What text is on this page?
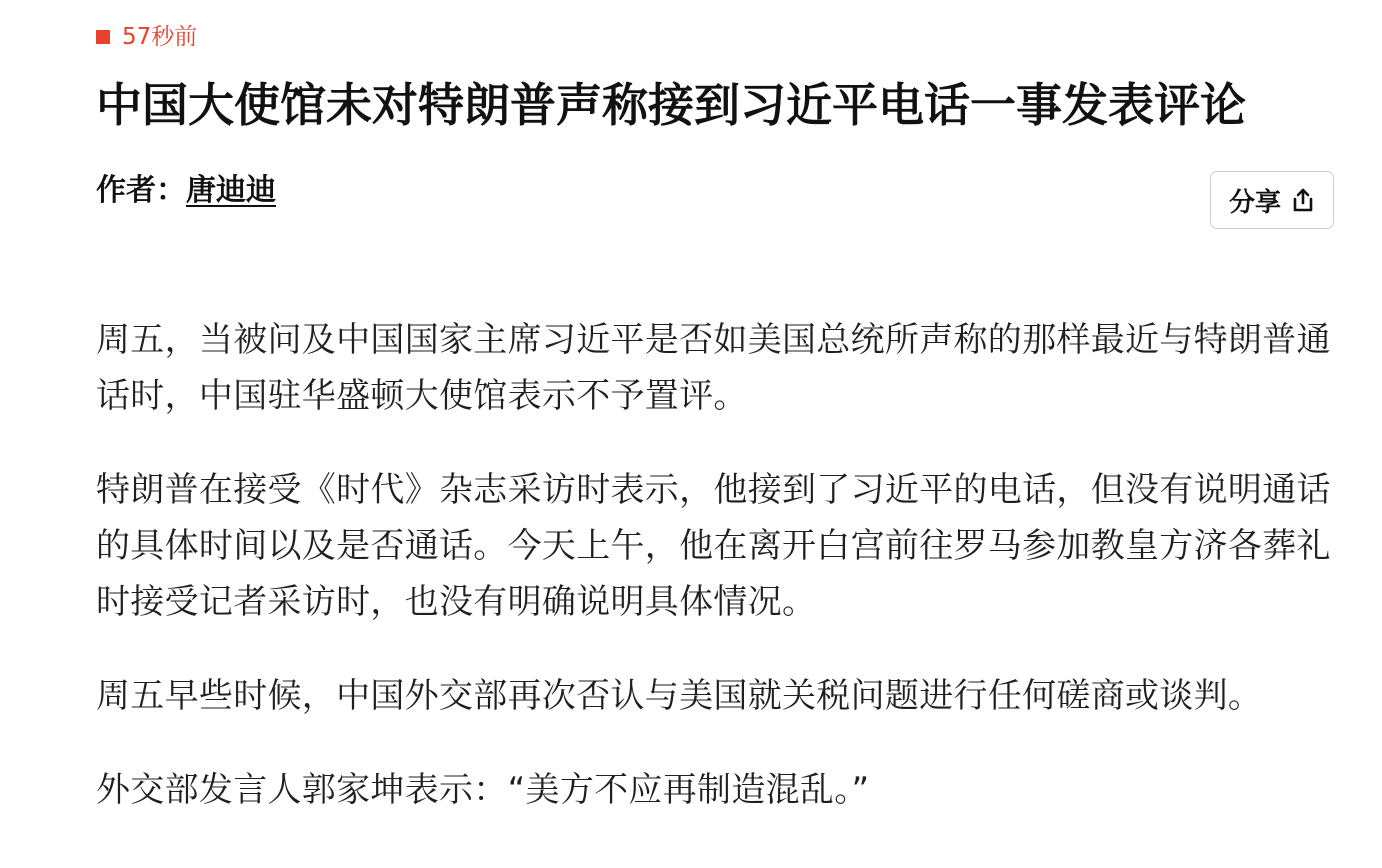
57秒前
中国大使馆未对特朗普声称接到习近平电话一事发表评论
作者：唐迪迪	分享

周五，当被问及中国国家主席习近平是否如美国总统所声称的那样最近与特朗普通话时，中国驻华盛顿大使馆表示不予置评。

特朗普在接受《时代》杂志采访时表示，他接到了习近平的电话，但没有说明通话的具体时间以及是否通话。今天上午，他在离开白宫前往罗马参加教皇方济各葬礼时接受记者采访时，也没有明确说明具体情况。

周五早些时候，中国外交部再次否认与美国就关税问题进行任何磋商或谈判。

外交部发言人郭家坤表示：“美方不应再制造混乱。”
